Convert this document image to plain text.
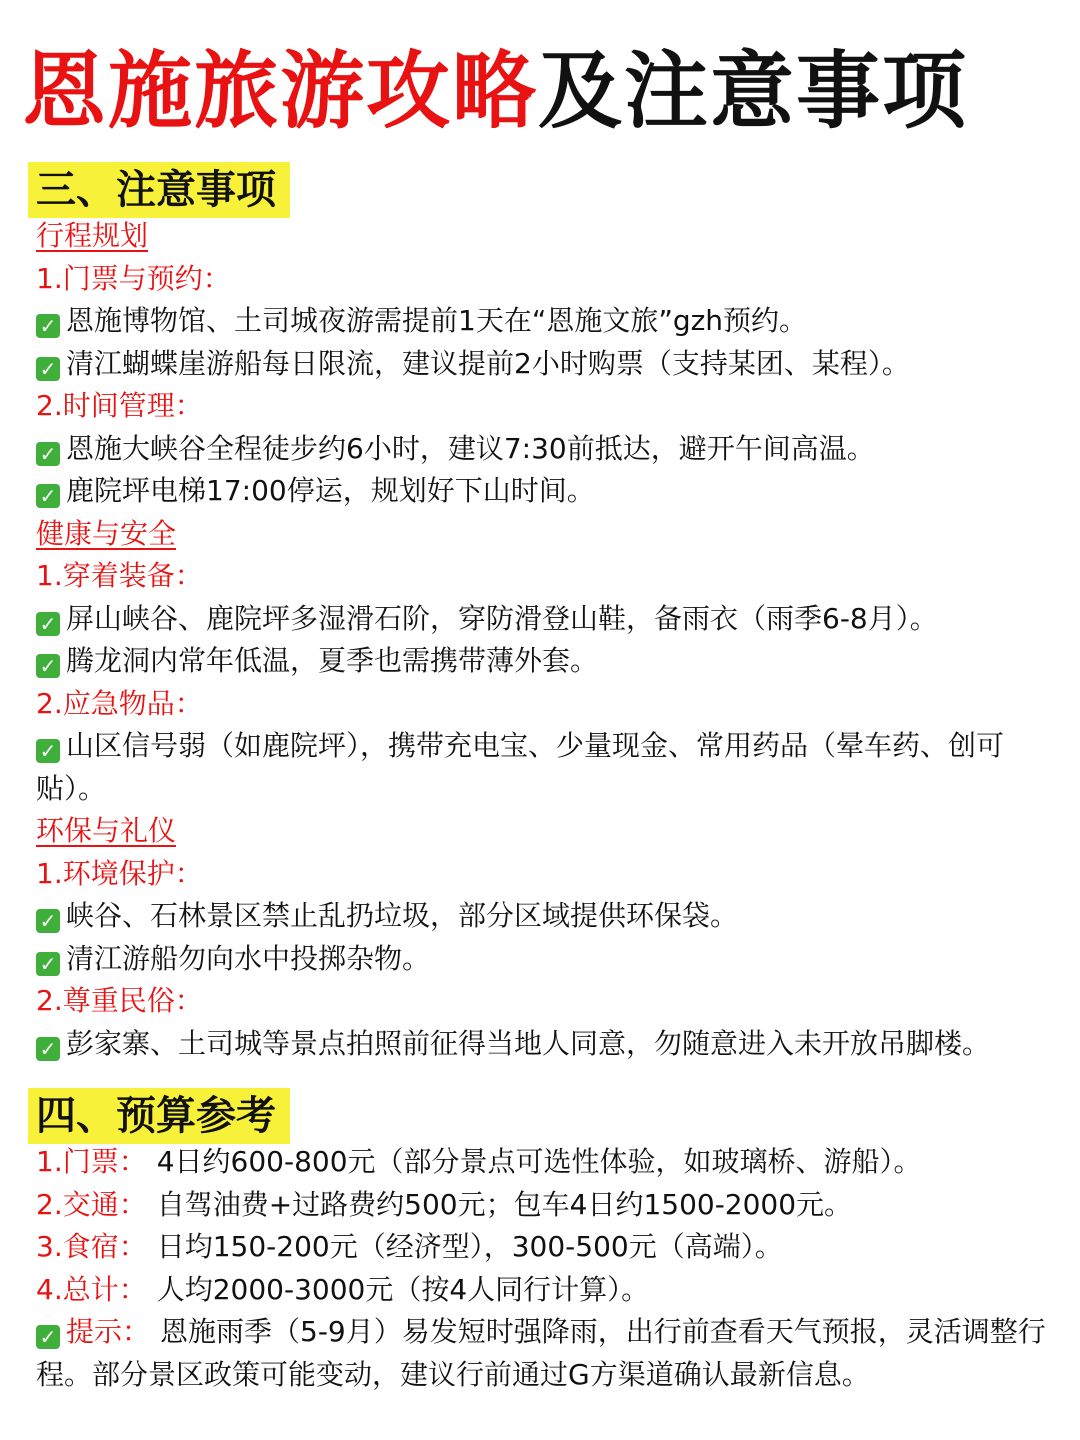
恩施旅游攻略及注意事项
三、注意事项
行程规划
1.门票与预约：
✓ 恩施博物馆、土司城夜游需提前1天在“恩施文旅”gzh预约。
✓ 清江蝴蝶崖游船每日限流，建议提前2小时购票（支持某团、某程）。
2.时间管理：
✓ 恩施大峡谷全程徒步约6小时，建议7:30前抵达，避开午间高温。
✓ 鹿院坪电梯17:00停运，规划好下山时间。
健康与安全
1.穿着装备：
✓ 屏山峡谷、鹿院坪多湿滑石阶，穿防滑登山鞋，备雨衣（雨季6-8月）。
✓ 腾龙洞内常年低温，夏季也需携带薄外套。
2.应急物品：
✓ 山区信号弱（如鹿院坪），携带充电宝、少量现金、常用药品（晕车药、创可贴）。
环保与礼仪
1.环境保护：
✓ 峡谷、石林景区禁止乱扔垃圾，部分区域提供环保袋。
✓ 清江游船勿向水中投掷杂物。
2.尊重民俗：
✓ 彭家寨、土司城等景点拍照前征得当地人同意，勿随意进入未开放吊脚楼。
四、预算参考
1.门票： 4日约600-800元（部分景点可选性体验，如玻璃桥、游船）。
2.交通： 自驾油费+过路费约500元；包车4日约1500-2000元。
3.食宿： 日均150-200元（经济型），300-500元（高端）。
4.总计： 人均2000-3000元（按4人同行计算）。
✓ 提示： 恩施雨季（5-9月）易发短时强降雨，出行前查看天气预报，灵活调整行程。部分景区政策可能变动，建议行前通过G方渠道确认最新信息。
